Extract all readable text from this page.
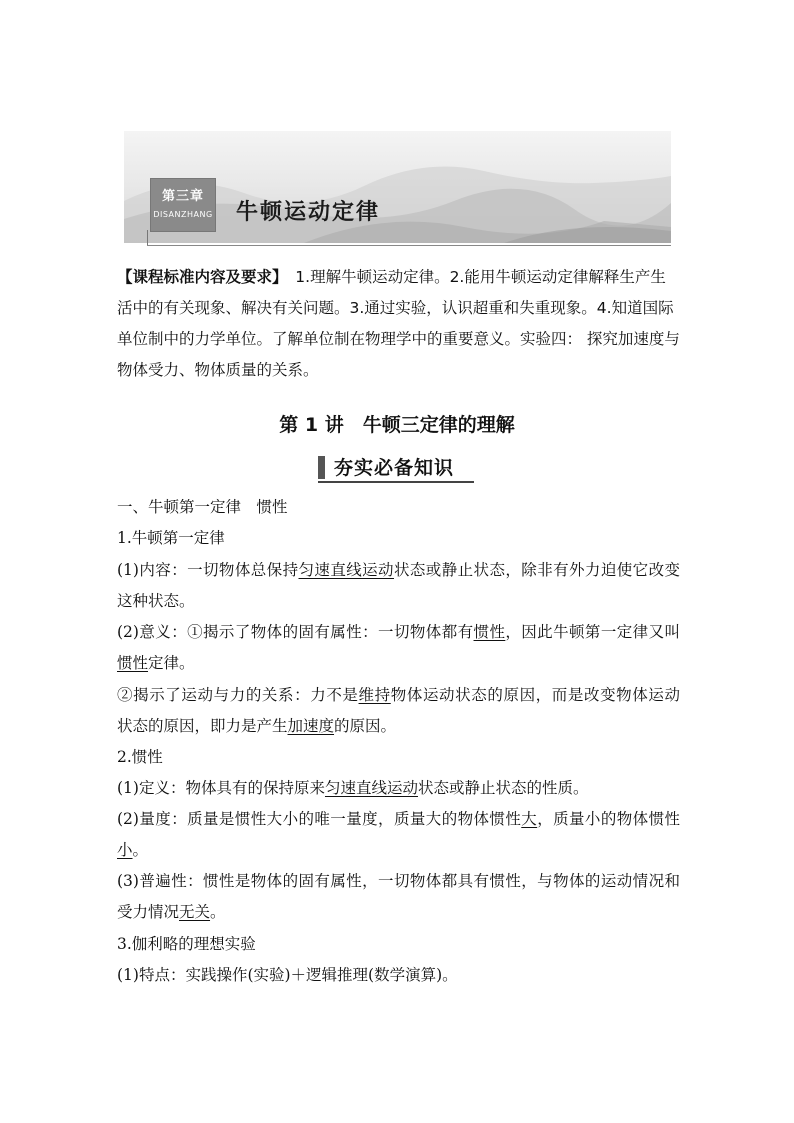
第三章
DISANZHANG 牛顿运动定律

【课程标准内容及要求】　 1.理解牛顿运动定律。2.能用牛顿运动定律解释生产生活中的有关现象、解决有关问题。3.通过实验，认识超重和失重现象。4.知道国际单位制中的力学单位。了解单位制在物理学中的重要意义。实验四： 探究加速度与物体受力、物体质量的关系。

第 1 讲　牛顿三定律的理解
夯实必备知识

一、牛顿第一定律　惯性

1.牛顿第一定律

(1)内容：一切物体总保持匀速直线运动状态或静止状态，除非有外力迫使它改变

这种状态。

(2)意义：①揭示了物体的固有属性：一切物体都有惯性，因此牛顿第一定律又叫

惯性定律。

②揭示了运动与力的关系：力不是维持物体运动状态的原因，而是改变物体运动

状态的原因，即力是产生加速度的原因。

2.惯性

(1)定义：物体具有的保持原来匀速直线运动状态或静止状态的性质。

(2)量度：质量是惯性大小的唯一量度，质量大的物体惯性大，质量小的物体惯性

小。

(3)普遍性：惯性是物体的固有属性，一切物体都具有惯性，与物体的运动情况和

受力情况无关。

3.伽利略的理想实验

(1)特点：实践操作(实验)＋逻辑推理(数学演算)。
